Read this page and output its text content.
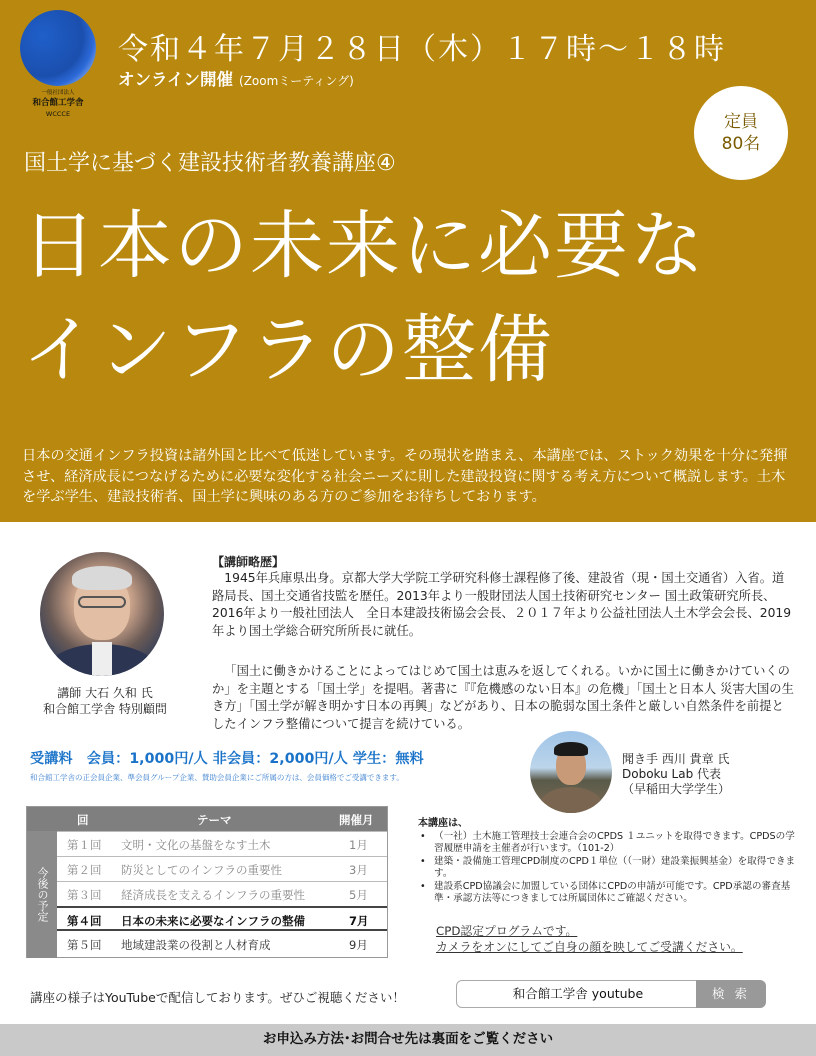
一般社団法人
和合館工学舎
WCCCE
令和４年７月２８日（木）１７時～１８時
オンライン開催 (Zoomミーティング)
定員
80名
国土学に基づく建設技術者教養講座④
日本の未来に必要な
インフラの整備
日本の交通インフラ投資は諸外国と比べて低迷しています。その現状を踏まえ、本講座では、ストック効果を十分に発揮させ、経済成長につなげるために必要な変化する社会ニーズに則した建設投資に関する考え方について概説します。土木を学ぶ学生、建設技術者、国土学に興味のある方のご参加をお待ちしております。
講師 大石 久和 氏
和合館工学舎 特別顧問
【講師略歴】
1945年兵庫県出身。京都大学大学院工学研究科修士課程修了後、建設省（現・国土交通省）入省。道路局長、国土交通省技監を歴任。2013年より一般財団法人国土技術研究センター 国土政策研究所長、2016年より一般社団法人　全日本建設技術協会会長、２０１７年より公益社団法人土木学会会長、2019年より国土学総合研究所所長に就任。
「国土に働きかけることによってはじめて国土は恵みを返してくれる。いかに国土に働きかけていくのか」を主題とする「国土学」を提唱。著書に『『危機感のない日本』の危機」「国土と日本人 災害大国の生き方」「国土学が解き明かす日本の再興」などがあり、日本の脆弱な国土条件と厳しい自然条件を前提としたインフラ整備について提言を続けている。
受講料　会員：1,000円/人 非会員：2,000円/人 学生：無料
和合館工学舎の正会員企業、準会員グループ企業、賛助会員企業にご所属の方は、会員価格でご受講できます。
聞き手 西川 貴章 氏
Doboku Lab 代表
（早稲田大学学生）
回	テーマ	開催月
今後の予定
第１回 文明・文化の基盤をなす土木	1月
第２回 防災としてのインフラの重要性	3月
第３回 経済成長を支えるインフラの重要性	5月
第４回 日本の未来に必要なインフラの整備	7月
第５回 地域建設業の役割と人材育成	9月
本講座は、
• （一社）土木施工管理技士会連合会のCPDS １ユニットを取得できます。CPDSの学習履歴申請を主催者が行います。（101-2）
• 建築・設備施工管理CPD制度のCPD１単位（（一財）建設業振興基金）を取得できます。
• 建設系CPD協議会に加盟している団体にCPDの申請が可能です。CPD承認の審査基準・承認方法等につきましては所属団体にご確認ください。
CPD認定プログラムです。
カメラをオンにしてご自身の顔を映してご受講ください。
講座の様子はYouTubeで配信しております。ぜひご視聴ください！	和合館工学舎 youtube	検 索
お申込み方法･お問合せ先は裏面をご覧ください
